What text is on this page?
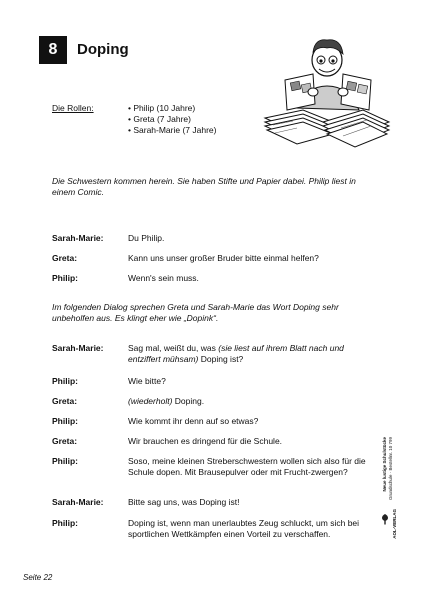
8 Doping
Die Rollen:	• Philip (10 Jahre)
• Greta (7 Jahre)
• Sarah-Marie (7 Jahre)
Die Schwestern kommen herein. Sie haben Stifte und Papier dabei. Philip liest in einem Comic.
Sarah-Marie:	Du Philip.
Greta:	Kann uns unser großer Bruder bitte einmal helfen?
Philip:	Wenn's sein muss.
Im folgenden Dialog sprechen Greta und Sarah-Marie das Wort Doping sehr unbeholfen aus. Es klingt eher wie „Dopink“.
Sarah-Marie:	Sag mal, weißt du, was (sie liest auf ihrem Blatt nach und entziffert mühsam) Doping ist?
Philip:	Wie bitte?
Greta:	(wiederholt) Doping.
Philip:	Wie kommt ihr denn auf so etwas?
Greta:	Wir brauchen es dringend für die Schule.
Philip:	Soso, meine kleinen Streberschwestern wollen sich also für die Schule dopen. Mit Brausepulver oder mit Frucht-zwergen?
Sarah-Marie:	Bitte sag uns, was Doping ist!
Philip:	Doping ist, wenn man unerlaubtes Zeug schluckt, um sich bei sportlichen Wettkämpfen einen Vorteil zu verschaffen.
Neue lustige Schulstücke Grundschule · Bestellnr. 10 799
AOL-VERLAG
Seite 22
